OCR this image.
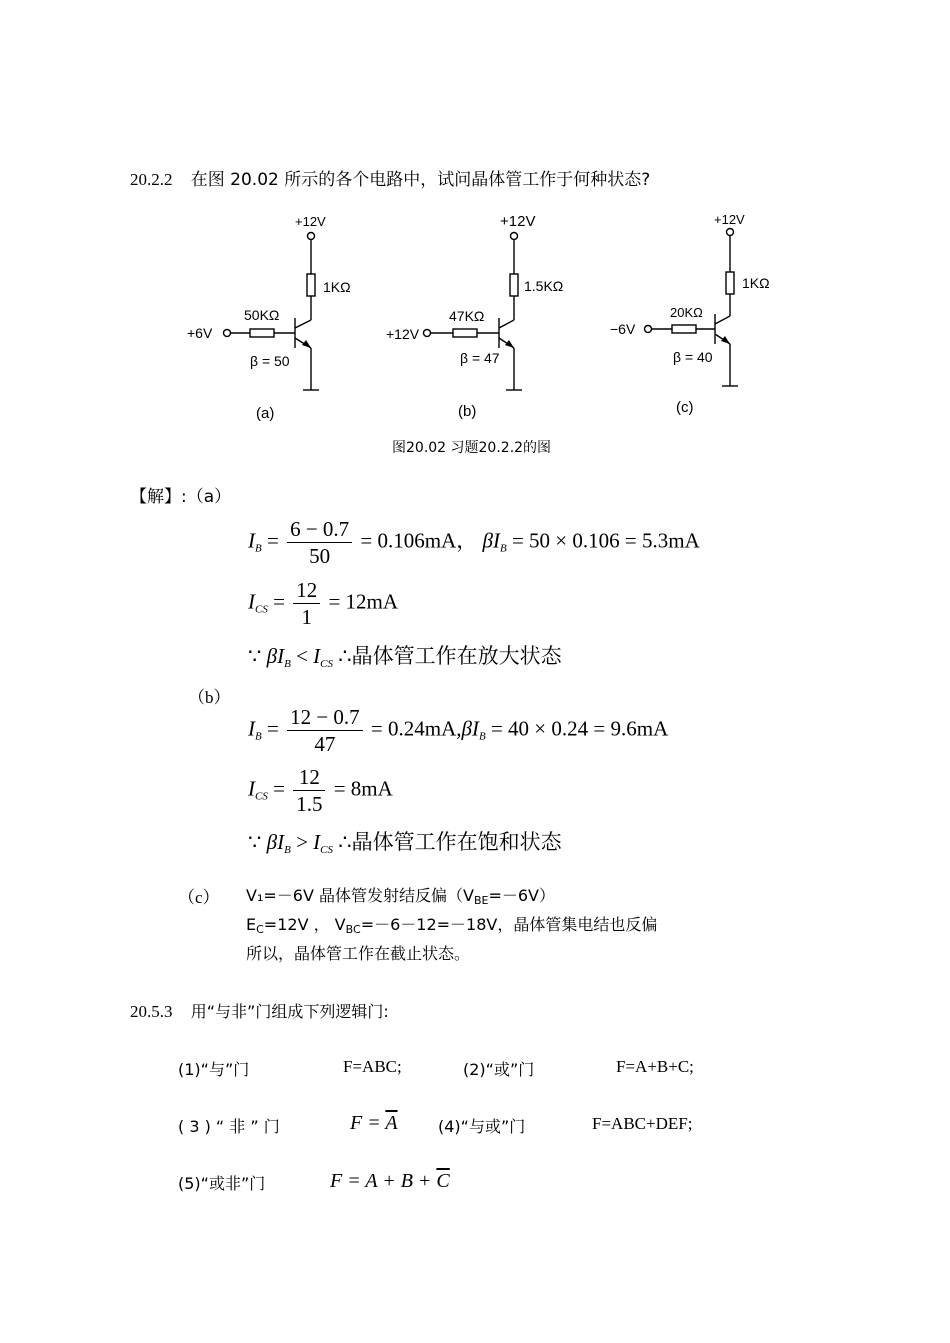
20.2.2 在图 20.02 所示的各个电路中，试问晶体管工作于何种状态?
+12V
1KΩ
50KΩ
+6V
β = 50
(a)
+12V
1.5KΩ
47KΩ
+12V
β = 47
(b)
+12V
1KΩ
20KΩ
−6V
β = 40
(c)
图20.02 习题20.2.2的图
【解】:（a）
$I_B = \frac{6 - 0.7}{50} = 0.106mA$， $\beta I_B = 50 \times 0.106 = 5.3mA$
$I_{CS} = \frac{12}{1} = 12mA$
∵ $\beta I_B < I_{CS}$ ∴晶体管工作在放大状态
（b）
$I_B = \frac{12 - 0.7}{47} = 0.24mA,\beta I_B = 40 \times 0.24 = 9.6mA$
$I_{CS} = \frac{12}{1.5} = 8mA$
∵ $\beta I_B > I_{CS}$ ∴晶体管工作在饱和状态
（c） V₁=－6V 晶体管发射结反偏（VBE=－6V）
EC=12V ， VBC=－6－12=－18V，晶体管集电结也反偏
所以，晶体管工作在截止状态。
20.5.3 用“与非”门组成下列逻辑门:
(1)“与”门	F=ABC;	(2)“或”门	F=A+B+C;
( 3 ) “ 非 ” 门	$F = \overline{A}$	(4)“与或”门	F=ABC+DEF;
(5)“或非”门	$F = A + B + \overline{C}$
